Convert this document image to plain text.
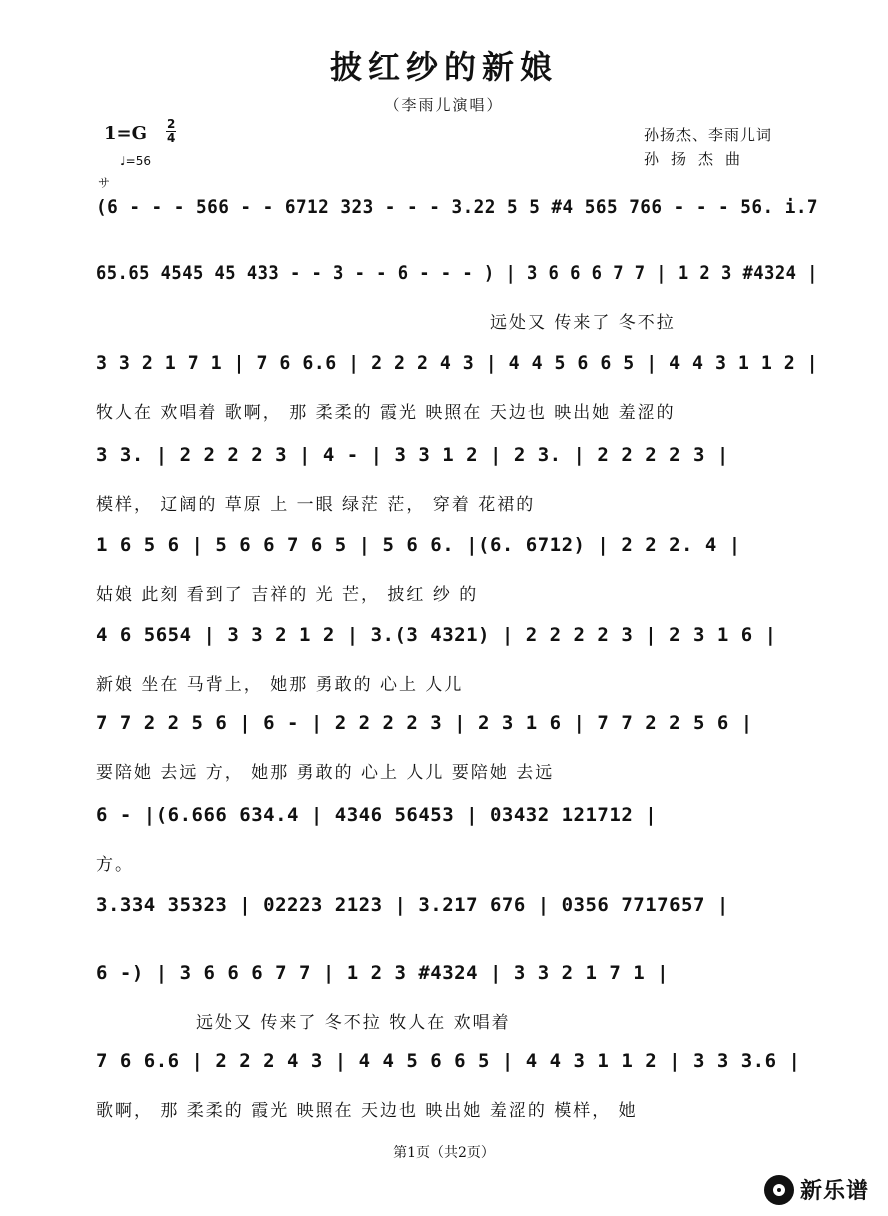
披红纱的新娘
（李雨儿演唱）
1=G 2
4
♩=56
孙扬杰、李雨儿词
孙扬杰曲
サ
(6 - - - 566 - - 6712 323 - - - 3.22 5 5 #4 565 766 - - - 56. i.7
65.65 4545 45 433 - - 3 - - 6 - - - ) | 3 6 6 6 7 7 | 1 2 3 #4324 |
远处又 传来了 冬不拉
3 3 2 1 7 1 | 7 6 6.6 | 2 2 2 4 3 | 4 4 5 6 6 5 | 4 4 3 1 1 2 |
牧人在 欢唱着 歌啊， 那 柔柔的 霞光 映照在 天边也 映出她 羞涩的
3 3. | 2 2 2 2 3 | 4 - | 3 3 1 2 | 2 3. | 2 2 2 2 3 |
模样， 辽阔的 草原 上 一眼 绿茫 茫， 穿着 花裙的
1 6 5 6 | 5 6 6 7 6 5 | 5 6 6. |(6. 6712) | 2 2 2. 4 |
姑娘 此刻 看到了 吉祥的 光 芒， 披红 纱 的
4 6 5654 | 3 3 2 1 2 | 3.(3 4321) | 2 2 2 2 3 | 2 3 1 6 |
新娘 坐在 马背上， 她那 勇敢的 心上 人儿
7 7 2 2 5 6 | 6 - | 2 2 2 2 3 | 2 3 1 6 | 7 7 2 2 5 6 |
要陪她 去远 方， 她那 勇敢的 心上 人儿 要陪她 去远
6 - |(6.666 634.4 | 4346 56453 | 03432 121712 |
方。
3.334 35323 | 02223 2123 | 3.217 676 | 0356 7717657 |
6 -) | 3 6 6 6 7 7 | 1 2 3 #4324 | 3 3 2 1 7 1 |
远处又 传来了 冬不拉 牧人在 欢唱着
7 6 6.6 | 2 2 2 4 3 | 4 4 5 6 6 5 | 4 4 3 1 1 2 | 3 3 3.6 |
歌啊， 那 柔柔的 霞光 映照在 天边也 映出她 羞涩的 模样， 她
第1页（共2页）
新乐谱
